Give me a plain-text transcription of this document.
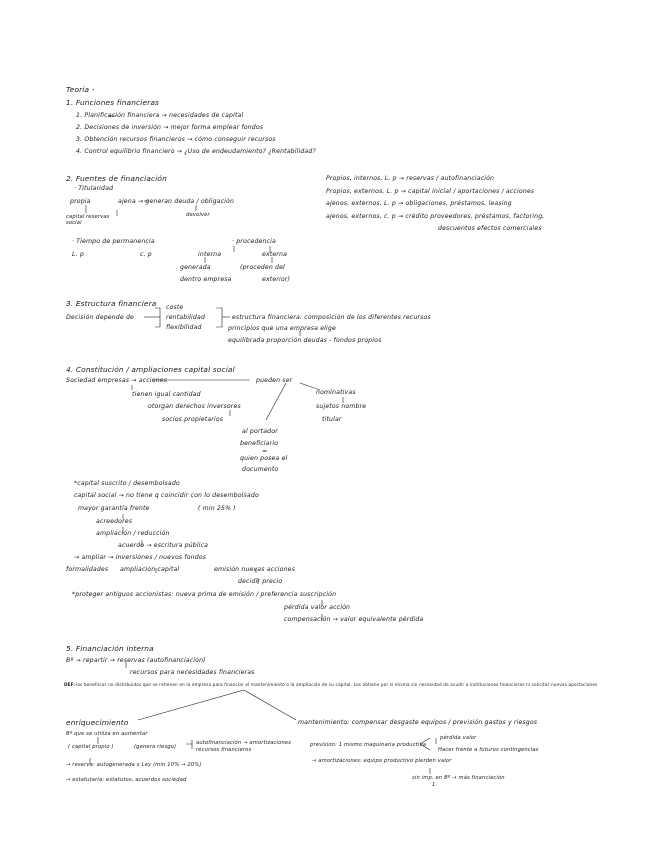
Teoría -
1. Funciones financieras
1. Planificación financiera → necesidades de capital
2. Decisiones de inversión → mejor forma emplear fondos
3. Obtención recursos financieros → cómo conseguir recursos
4. Control equilibrio financiero → ¿Uso de endeudamiento? ¿Rentabilidad?
2. Fuentes de financiación
· Titularidad
propia	ajena → generan deuda / obligación
capital
social
reservas	devolver
· Tiempo de permanencia
L. p	c. p
· procedencia
interna	externa
generada	(proceden del
dentro empresa	exterior)
Propios, internos, L. p → reservas / autofinanciación
Propios, externos, L. p → capital inicial / aportaciones / acciones
ajenos, externos, L. p → obligaciones, préstamos, leasing
ajenos, externos, c. p → crédito proveedores, préstamos, factoring,
descuentos efectos comerciales
3. Estructura financiera
Decisión depende de
coste
rentabilidad
flexibilidad
estructura financiera: composición de los diferentes recursos
principios que una empresa elige
equilibrada proporción deudas - fondos propios
4. Constitución / ampliaciones capital social
Sociedad empresas → acciones	pueden ser
nominativas
tienen igual cantidad
sujetos nombre
otorgan derechos inversores
titular
socios propietarios
al portador
beneficiario
=
quien posea el
documento
*capital suscrito / desembolsado
capital social → no tiene q coincidir con lo desembolsado
mayor garantía frente	( min 25% )
acreedores
ampliación / reducción
acuerdo → escritura pública
→ ampliar → inversiones / nuevos fondos
formalidades ampliación capital	emisión nuevas acciones
decidir precio
*proteger antiguos accionistas: nueva prima de emisión / preferencia suscripción
pérdida valor acción
compensación → valor equivalente pérdida
5. Financiación interna
Bº → repartir → reservas (autofinanciación)
recursos para necesidades financieras
DEF: los beneficios no distribuidos que se retienen en la empresa para financiar el mantenimiento o la ampliación de su capital. Los obtiene por sí misma sin necesidad de acudir a instituciones financieras ni solicitar nuevas aportaciones
enriquecimiento	mantenimiento: compensar desgaste equipos / previsión gastos y riesgos
Bº que se utiliza en aumentar
( capital propio )	(genera riesgo)
autofinanciación → amortizaciones
recursos financieros
→ reserva: autogenerada x Ley (min 10% → 20%)
→ estatutaria: estatutos, acuerdos sociedad
previsión: 1 mismo maquinaria productiva
pérdida valor
Hacer frente a futuros contingencias
→ amortizaciones: equipo productivo pierden valor
sin imp. en Bº → más financiación
1
